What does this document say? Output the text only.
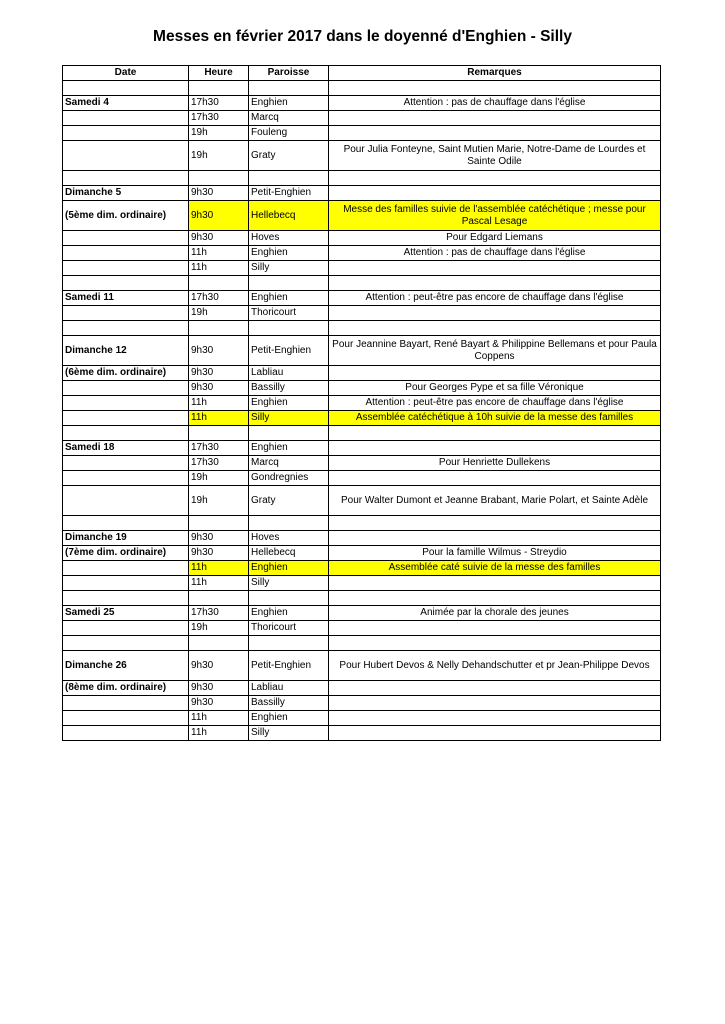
Messes en février 2017 dans le doyenné d'Enghien - Silly
Date	Heure	Paroisse	Remarques

Samedi 4	17h30	Enghien	Attention : pas de chauffage dans l'église
	17h30	Marcq	
	19h	Fouleng	
	19h	Graty	Pour Julia Fonteyne, Saint Mutien Marie, Notre-Dame de Lourdes et Sainte Odile

Dimanche 5	9h30	Petit-Enghien	
(5ème dim. ordinaire)	9h30	Hellebecq	Messe des familles suivie de l'assemblée catéchétique ; messe pour Pascal Lesage
	9h30	Hoves	Pour Edgard Liemans
	11h	Enghien	Attention : pas de chauffage dans l'église
	11h	Silly	

Samedi 11	17h30	Enghien	Attention : peut-être pas encore de chauffage dans l'église
	19h	Thoricourt	

Dimanche 12	9h30	Petit-Enghien	Pour Jeannine Bayart, René Bayart & Philippine Bellemans et pour Paula Coppens
(6ème dim. ordinaire)	9h30	Labliau	
	9h30	Bassilly	Pour Georges Pype et sa fille Véronique
	11h	Enghien	Attention : peut-être pas encore de chauffage dans l'église
	11h	Silly	Assemblée catéchétique à 10h suivie de la messe des familles

Samedi 18	17h30	Enghien	
	17h30	Marcq	Pour Henriette Dullekens
	19h	Gondregnies	
	19h	Graty	Pour Walter Dumont et Jeanne Brabant, Marie Polart, et Sainte Adèle

Dimanche 19	9h30	Hoves	
(7ème dim. ordinaire)	9h30	Hellebecq	Pour la famille Wilmus - Streydio
	11h	Enghien	Assemblée caté suivie de la messe des familles
	11h	Silly	

Samedi 25	17h30	Enghien	Animée par la chorale des jeunes
	19h	Thoricourt	

Dimanche 26	9h30	Petit-Enghien	Pour Hubert Devos & Nelly Dehandschutter et pr Jean-Philippe Devos
(8ème dim. ordinaire)	9h30	Labliau	
	9h30	Bassilly	
	11h	Enghien	
	11h	Silly	
